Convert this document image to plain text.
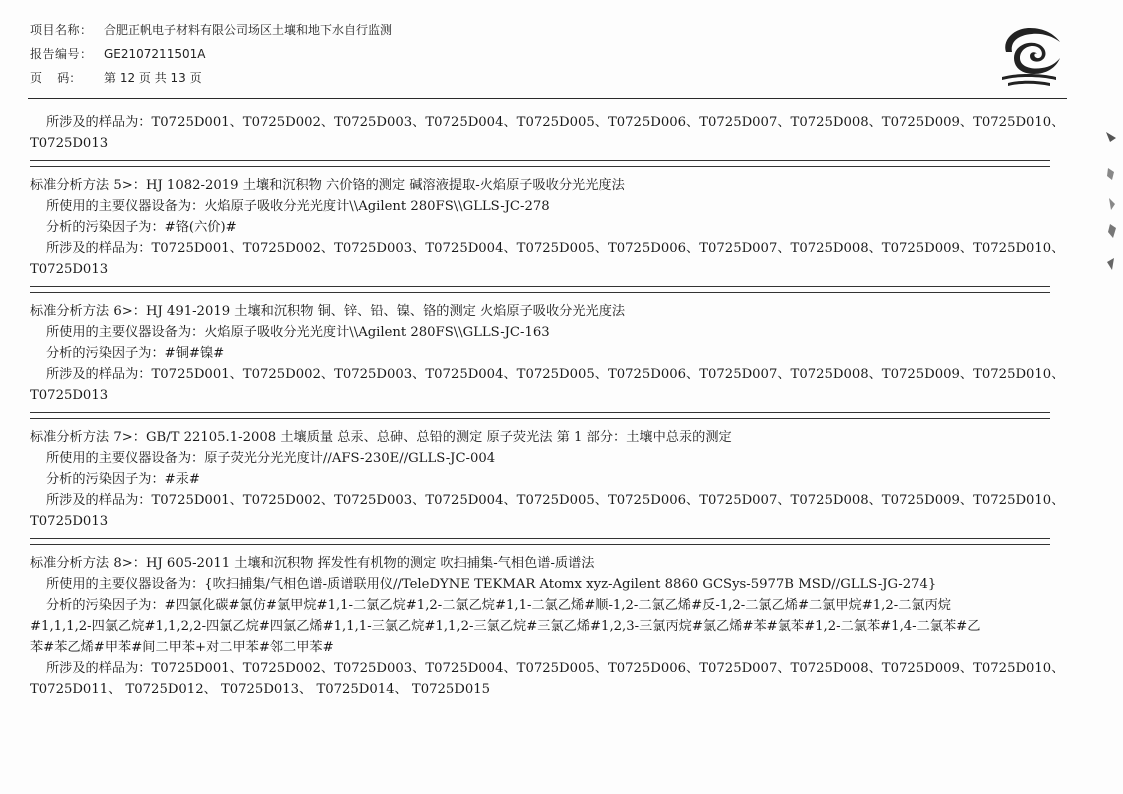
项目名称： 合肥正帆电子材料有限公司场区土壤和地下水自行监测
报告编号： GE2107211501A
页    码：	第 12 页 共 13 页
所涉及的样品为：T0725D001、T0725D002、T0725D003、T0725D004、T0725D005、T0725D006、T0725D007、T0725D008、T0725D009、T0725D010、
T0725D013
标准分析方法 5>：HJ 1082-2019 土壤和沉积物 六价铬的测定 碱溶液提取-火焰原子吸收分光光度法
所使用的主要仪器设备为：火焰原子吸收分光光度计\\Agilent 280FS\\GLLS-JC-278
分析的污染因子为：#铬(六价)#
所涉及的样品为：T0725D001、T0725D002、T0725D003、T0725D004、T0725D005、T0725D006、T0725D007、T0725D008、T0725D009、T0725D010、
T0725D013
标准分析方法 6>：HJ 491-2019 土壤和沉积物 铜、锌、铅、镍、铬的测定 火焰原子吸收分光光度法
所使用的主要仪器设备为：火焰原子吸收分光光度计\\Agilent 280FS\\GLLS-JC-163
分析的污染因子为：#铜#镍#
所涉及的样品为：T0725D001、T0725D002、T0725D003、T0725D004、T0725D005、T0725D006、T0725D007、T0725D008、T0725D009、T0725D010、
T0725D013
标准分析方法 7>：GB/T 22105.1-2008 土壤质量 总汞、总砷、总铅的测定 原子荧光法 第 1 部分：土壤中总汞的测定
所使用的主要仪器设备为：原子荧光分光光度计//AFS-230E//GLLS-JC-004
分析的污染因子为：#汞#
所涉及的样品为：T0725D001、T0725D002、T0725D003、T0725D004、T0725D005、T0725D006、T0725D007、T0725D008、T0725D009、T0725D010、
T0725D013
标准分析方法 8>：HJ 605-2011 土壤和沉积物 挥发性有机物的测定 吹扫捕集-气相色谱-质谱法
所使用的主要仪器设备为：{吹扫捕集/气相色谱-质谱联用仪//TeleDYNE TEKMAR Atomx xyz-Agilent 8860 GCSys-5977B MSD//GLLS-JG-274}
分析的污染因子为：#四氯化碳#氯仿#氯甲烷#1,1-二氯乙烷#1,2-二氯乙烷#1,1-二氯乙烯#顺-1,2-二氯乙烯#反-1,2-二氯乙烯#二氯甲烷#1,2-二氯丙烷
#1,1,1,2-四氯乙烷#1,1,2,2-四氯乙烷#四氯乙烯#1,1,1-三氯乙烷#1,1,2-三氯乙烷#三氯乙烯#1,2,3-三氯丙烷#氯乙烯#苯#氯苯#1,2-二氯苯#1,4-二氯苯#乙
苯#苯乙烯#甲苯#间二甲苯+对二甲苯#邻二甲苯#
所涉及的样品为：T0725D001、T0725D002、T0725D003、T0725D004、T0725D005、T0725D006、T0725D007、T0725D008、T0725D009、T0725D010、
T0725D011、 T0725D012、 T0725D013、 T0725D014、 T0725D015
